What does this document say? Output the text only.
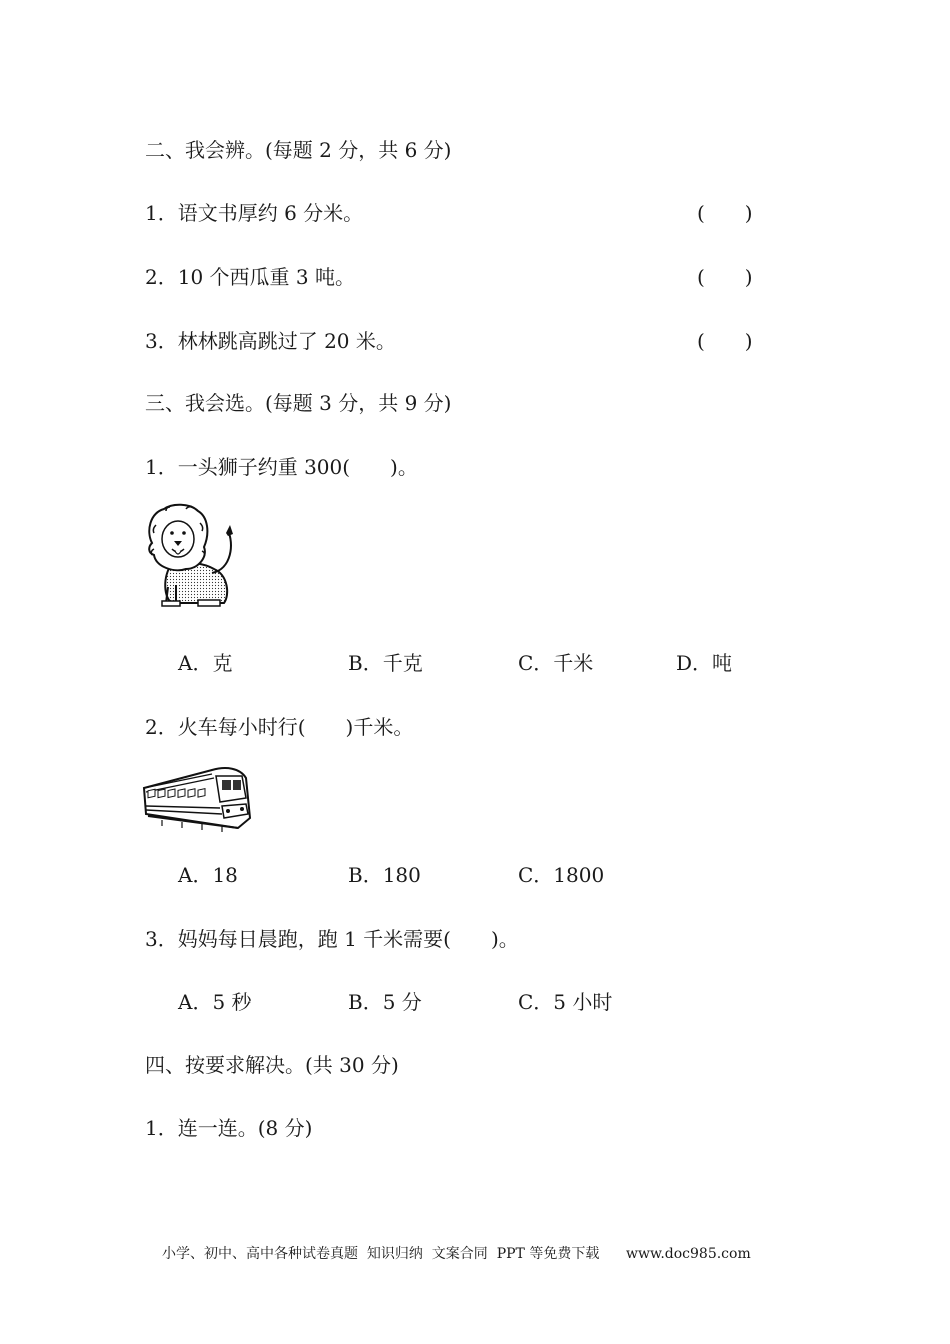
二、我会辨。(每题 2 分，共 6 分)
1．语文书厚约 6 分米。	(　　)
2．10 个西瓜重 3 吨。	(　　)
3．林林跳高跳过了 20 米。	(　　)
三、我会选。(每题 3 分，共 9 分)
1．一头狮子约重 300(　　)。
A．克	B．千克	C．千米	D．吨
2．火车每小时行(　　)千米。
A．18	B．180	C．1800
3．妈妈每日晨跑，跑 1 千米需要(　　)。
A．5 秒	B．5 分	C．5 小时
四、按要求解决。(共 30 分)
1．连一连。(8 分)
小学、初中、高中各种试卷真题  知识归纳  文案合同  PPT 等免费下载      www.doc985.com
